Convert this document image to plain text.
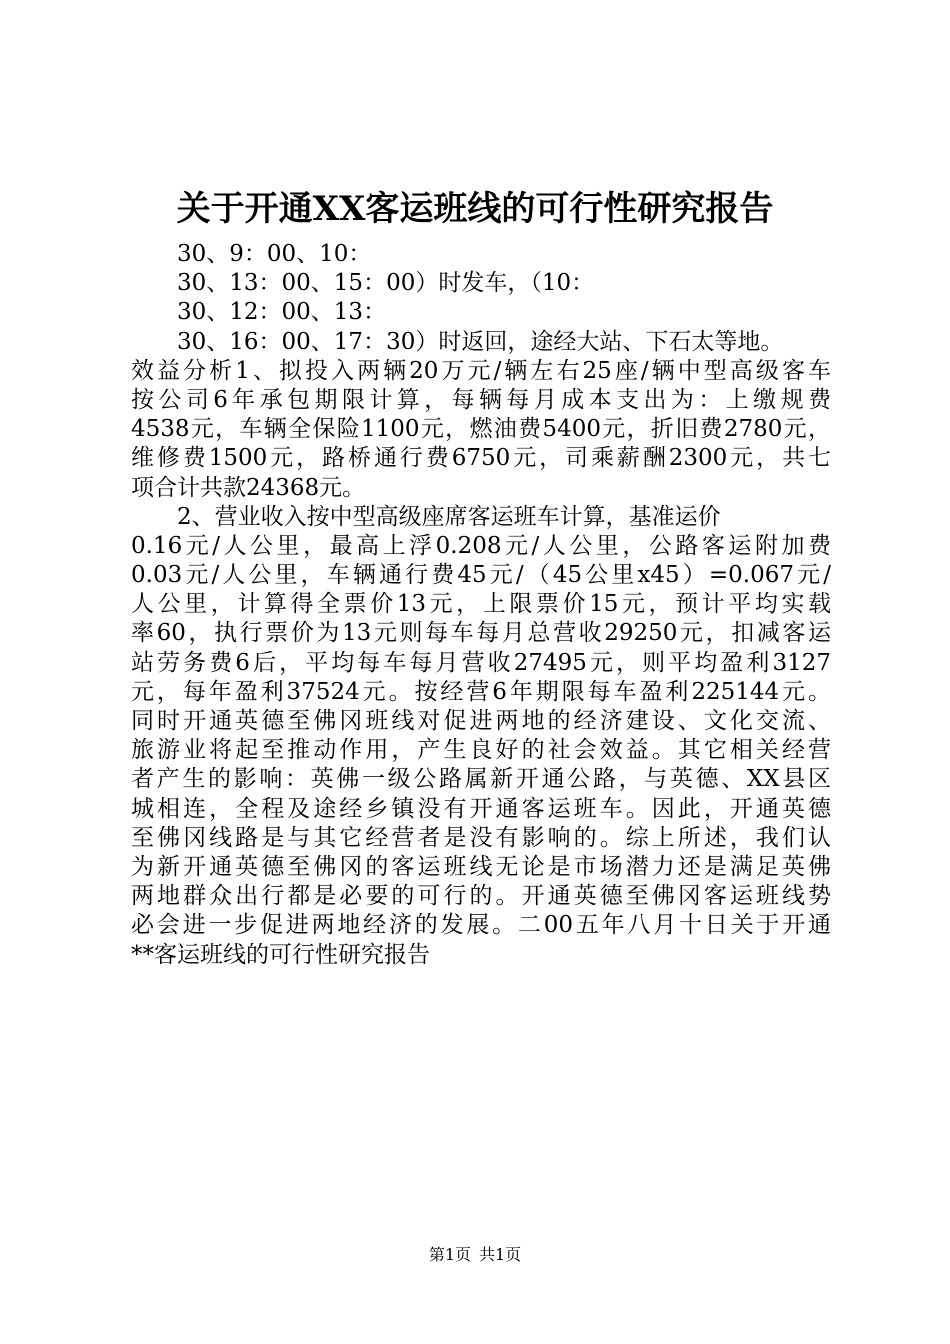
关于开通XX客运班线的可行性研究报告
30、9：00、10：
30、13：00、15：00）时发车，（10：
30、12：00、13：
30、16：00、17：30）时返回，途经大站、下石太等地。
效益分析1、拟投入两辆20万元/辆左右25座/辆中型高级客车
按公司6年承包期限计算，每辆每月成本支出为：上缴规费
4538元，车辆全保险1100元，燃油费5400元，折旧费2780元，
维修费1500元，路桥通行费6750元，司乘薪酬2300元，共七
项合计共款24368元。
2、营业收入按中型高级座席客运班车计算，基准运价
0.16元/人公里，最高上浮0.208元/人公里，公路客运附加费
0.03元/人公里，车辆通行费45元/（45公里x45）=0.067元/
人公里，计算得全票价13元，上限票价15元，预计平均实载
率60，执行票价为13元则每车每月总营收29250元，扣减客运
站劳务费6后，平均每车每月营收27495元，则平均盈利3127
元，每年盈利37524元。按经营6年期限每车盈利225144元。
同时开通英德至佛冈班线对促进两地的经济建设、文化交流、
旅游业将起至推动作用，产生良好的社会效益。其它相关经营
者产生的影响：英佛一级公路属新开通公路，与英德、XX县区
城相连，全程及途经乡镇没有开通客运班车。因此，开通英德
至佛冈线路是与其它经营者是没有影响的。综上所述，我们认
为新开通英德至佛冈的客运班线无论是市场潜力还是满足英佛
两地群众出行都是必要的可行的。开通英德至佛冈客运班线势
必会进一步促进两地经济的发展。二00五年八月十日关于开通
**客运班线的可行性研究报告
第1页 共1页
